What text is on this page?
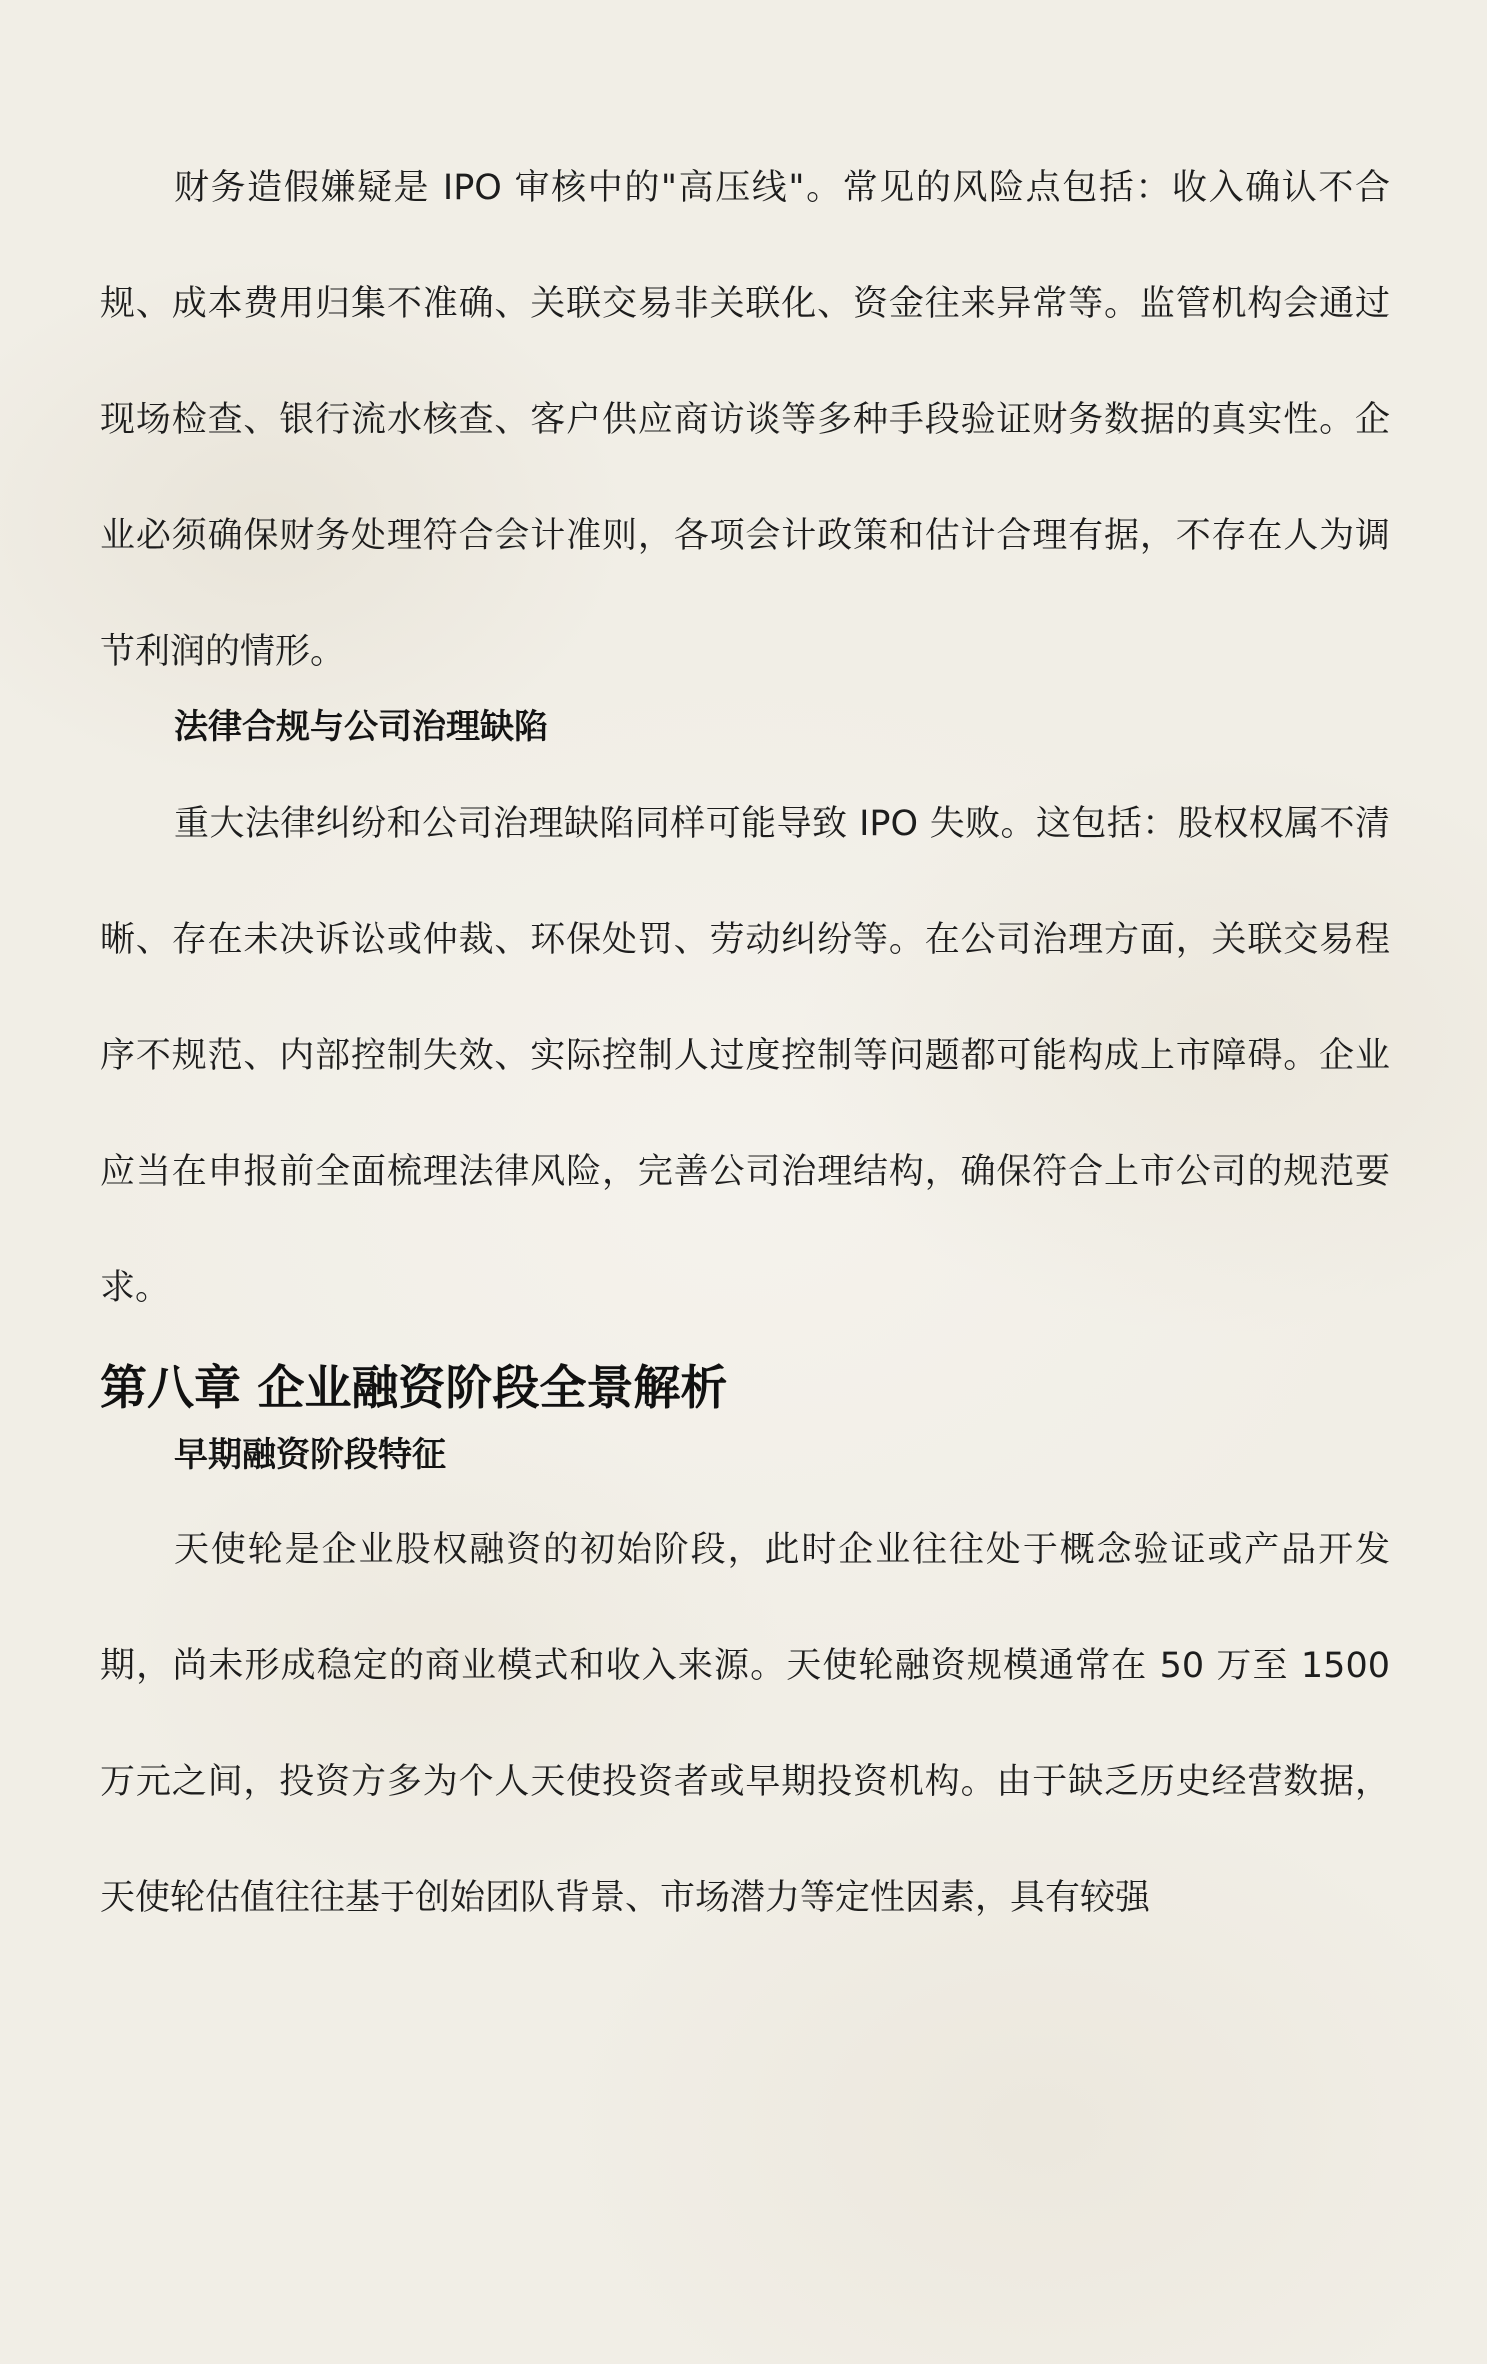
财务造假嫌疑是 IPO 审核中的"高压线"。常见的风险点包括：收入确认不合规、成本费用归集不准确、关联交易非关联化、资金往来异常等。监管机构会通过现场检查、银行流水核查、客户供应商访谈等多种手段验证财务数据的真实性。企业必须确保财务处理符合会计准则，各项会计政策和估计合理有据，不存在人为调节利润的情形。

法律合规与公司治理缺陷

重大法律纠纷和公司治理缺陷同样可能导致 IPO 失败。这包括：股权权属不清晰、存在未决诉讼或仲裁、环保处罚、劳动纠纷等。在公司治理方面，关联交易程序不规范、内部控制失效、实际控制人过度控制等问题都可能构成上市障碍。企业应当在申报前全面梳理法律风险，完善公司治理结构，确保符合上市公司的规范要求。

第八章 企业融资阶段全景解析
早期融资阶段特征

天使轮是企业股权融资的初始阶段，此时企业往往处于概念验证或产品开发期，尚未形成稳定的商业模式和收入来源。天使轮融资规模通常在 50 万至 1500 万元之间，投资方多为个人天使投资者或早期投资机构。由于缺乏历史经营数据，天使轮估值往往基于创始团队背景、市场潜力等定性因素，具有较强
